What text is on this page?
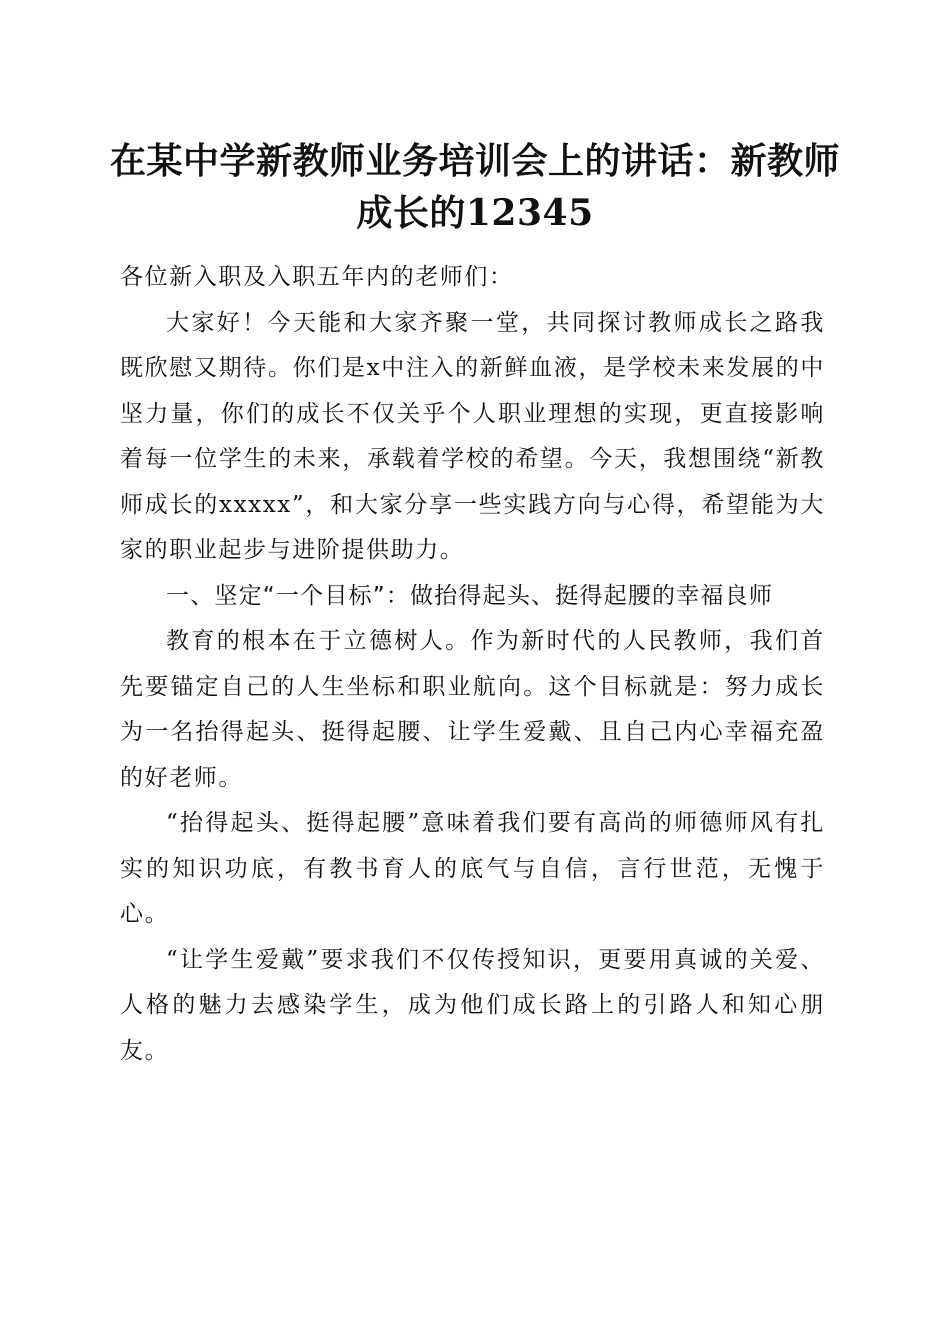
在某中学新教师业务培训会上的讲话：新教师成长的12345

各位新入职及入职五年内的老师们：

大家好！今天能和大家齐聚一堂，共同探讨教师成长之路我既欣慰又期待。你们是x中注入的新鲜血液，是学校未来发展的中坚力量，你们的成长不仅关乎个人职业理想的实现，更直接影响着每一位学生的未来，承载着学校的希望。今天，我想围绕“新教师成长的xxxxx”，和大家分享一些实践方向与心得，希望能为大家的职业起步与进阶提供助力。

一、坚定“一个目标”：做抬得起头、挺得起腰的幸福良师

教育的根本在于立德树人。作为新时代的人民教师，我们首先要锚定自己的人生坐标和职业航向。这个目标就是：努力成长为一名抬得起头、挺得起腰、让学生爱戴、且自己内心幸福充盈的好老师。

“抬得起头、挺得起腰”意味着我们要有高尚的师德师风有扎实的知识功底，有教书育人的底气与自信，言行世范，无愧于心。

“让学生爱戴”要求我们不仅传授知识，更要用真诚的关爱、人格的魅力去感染学生，成为他们成长路上的引路人和知心朋友。
